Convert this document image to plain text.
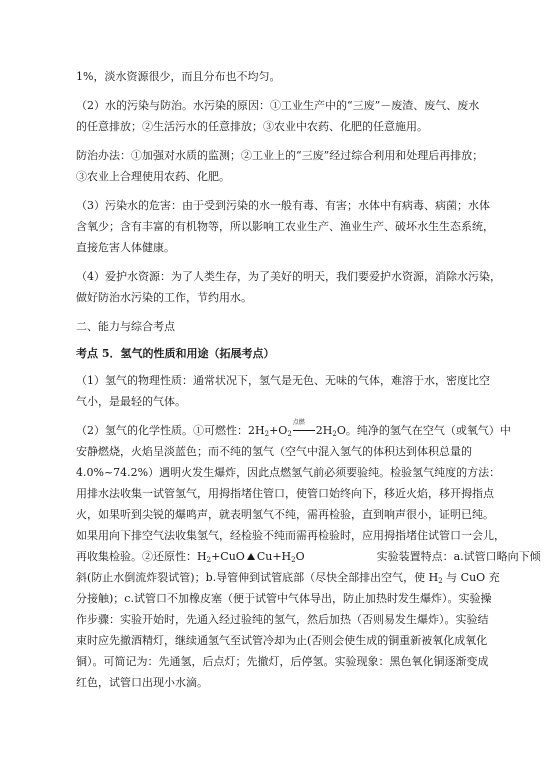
1%，淡水资源很少，而且分布也不均匀。
（2）水的污染与防治。水污染的原因：①工业生产中的“三废”－废渣、废气、废水
的任意排放；②生活污水的任意排放；③农业中农药、化肥的任意施用。
防治办法：①加强对水质的监测；②工业上的“三废”经过综合利用和处理后再排放；
③农业上合理使用农药、化肥。
（3）污染水的危害：由于受到污染的水一般有毒、有害；水体中有病毒、病菌；水体
含氧少；含有丰富的有机物等，所以影响工农业生产、渔业生产、破坏水生生态系统，
直接危害人体健康。
（4）爱护水资源：为了人类生存，为了美好的明天，我们要爱护水资源，消除水污染，
做好防治水污染的工作，节约用水。
二、能力与综合考点
考点 5．氢气的性质和用途（拓展考点）
（1）氢气的物理性质：通常状况下，氢气是无色、无味的气体，难溶于水，密度比空
气小，是最轻的气体。
（2）氢气的化学性质。①可燃性：$2H_2+O_2$
点燃
$2H_2O$。纯净的氢气在空气（或氧气）中
安静燃烧，火焰呈淡蓝色；而不纯的氢气（空气中混入氢气的体积达到体积总量的
4.0%~74.2%）遇明火发生爆炸，因此点燃氢气前必须要验纯。检验氢气纯度的方法：
用排水法收集一试管氢气，用拇指堵住管口，使管口始终向下，移近火焰，移开拇指点
火，如果听到尖锐的爆鸣声，就表明氢气不纯，需再检验，直到响声很小，证明已纯。
如果用向下排空气法收集氢气，经检验不纯而需再检验时，应用拇指堵住试管口一会儿，
再收集检验。②还原性：$H_2+CuO$ $Cu+H_2O$	实验装置特点：a.试管口略向下倾
斜(防止水倒流炸裂试管)；b.导管伸到试管底部（尽快全部排出空气，使 $H_2$ 与 CuO 充
分接触)；c.试管口不加橡皮塞（便于试管中气体导出，防止加热时发生爆炸）。实验操
作步骤：实验开始时，先通入经过验纯的氢气，然后加热（否则易发生爆炸）。实验结
束时应先撤酒精灯，继续通氢气至试管冷却为止(否则会使生成的铜重新被氧化成氧化
铜）。可简记为：先通氢，后点灯；先撤灯，后停氢。实验现象：黑色氧化铜逐渐变成
红色，试管口出现小水滴。
